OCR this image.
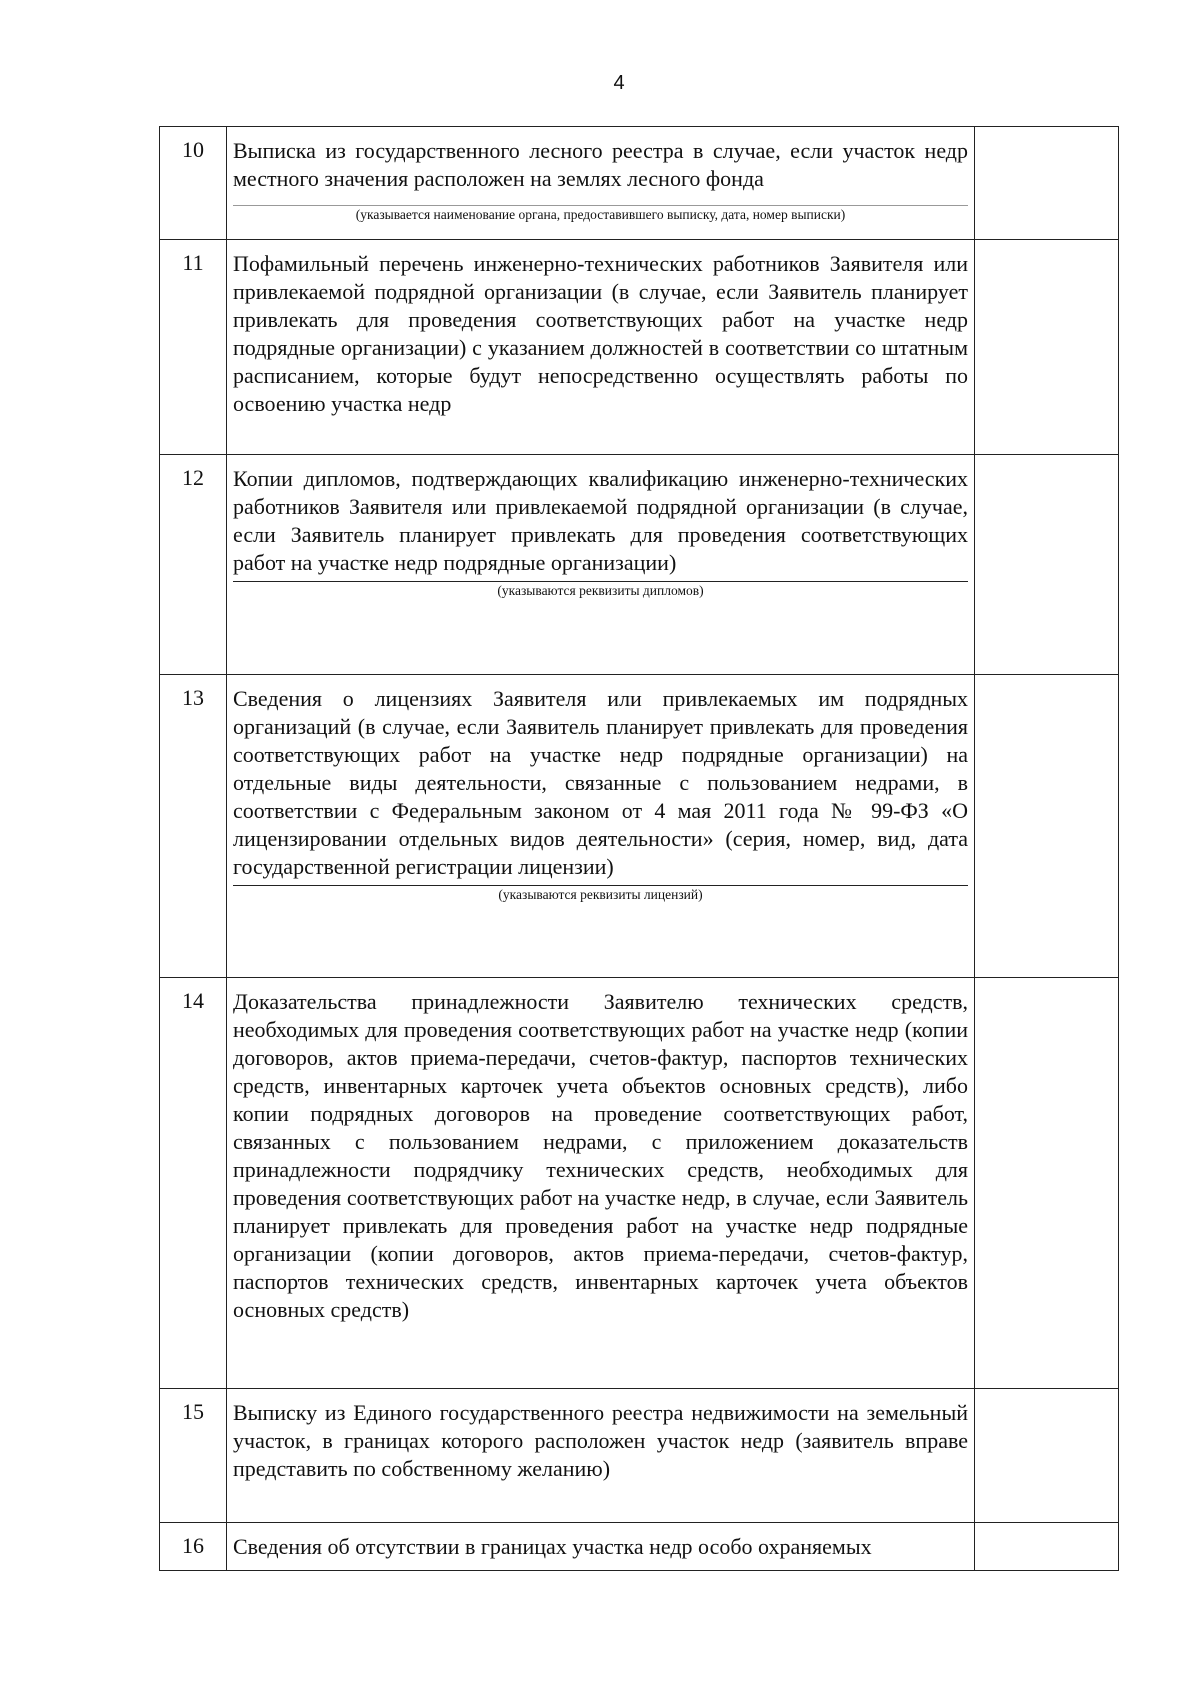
4
10	Выписка из государственного лесного реестра в случае, если участок недр местного значения расположен на землях лесного фонда
(указывается наименование органа, предоставившего выписку, дата, номер выписки)	

11	Пофамильный перечень инженерно-технических работников Заявителя или привлекаемой подрядной организации (в случае, если Заявитель планирует привлекать для проведения соответствующих работ на участке недр подрядные организации) с указанием должностей в соответствии со штатным расписанием, которые будут непосредственно осуществлять работы по освоению участка недр	

12	Копии дипломов, подтверждающих квалификацию инженерно-технических работников Заявителя или привлекаемой подрядной организации (в случае, если Заявитель планирует привлекать для проведения соответствующих работ на участке недр подрядные организации)
(указываются реквизиты дипломов)	

13	Сведения о лицензиях Заявителя или привлекаемых им подрядных организаций (в случае, если Заявитель планирует привлекать для проведения соответствующих работ на участке недр подрядные организации) на отдельные виды деятельности, связанные с пользованием недрами, в соответствии с Федеральным законом от 4 мая 2011 года № 99-ФЗ «О лицензировании отдельных видов деятельности» (серия, номер, вид, дата государственной регистрации лицензии)
(указываются реквизиты лицензий)	

14	Доказательства принадлежности Заявителю технических средств, необходимых для проведения соответствующих работ на участке недр (копии договоров, актов приема-передачи, счетов-фактур, паспортов технических средств, инвентарных карточек учета объектов основных средств), либо копии подрядных договоров на проведение соответствующих работ, связанных с пользованием недрами, с приложением доказательств принадлежности подрядчику технических средств, необходимых для проведения соответствующих работ на участке недр, в случае, если Заявитель планирует привлекать для проведения работ на участке недр подрядные организации (копии договоров, актов приема-передачи, счетов-фактур, паспортов технических средств, инвентарных карточек учета объектов основных средств)	

15	Выписку из Единого государственного реестра недвижимости на земельный участок, в границах которого расположен участок недр (заявитель вправе представить по собственному желанию)	

16	Сведения об отсутствии в границах участка недр особо охраняемых	
